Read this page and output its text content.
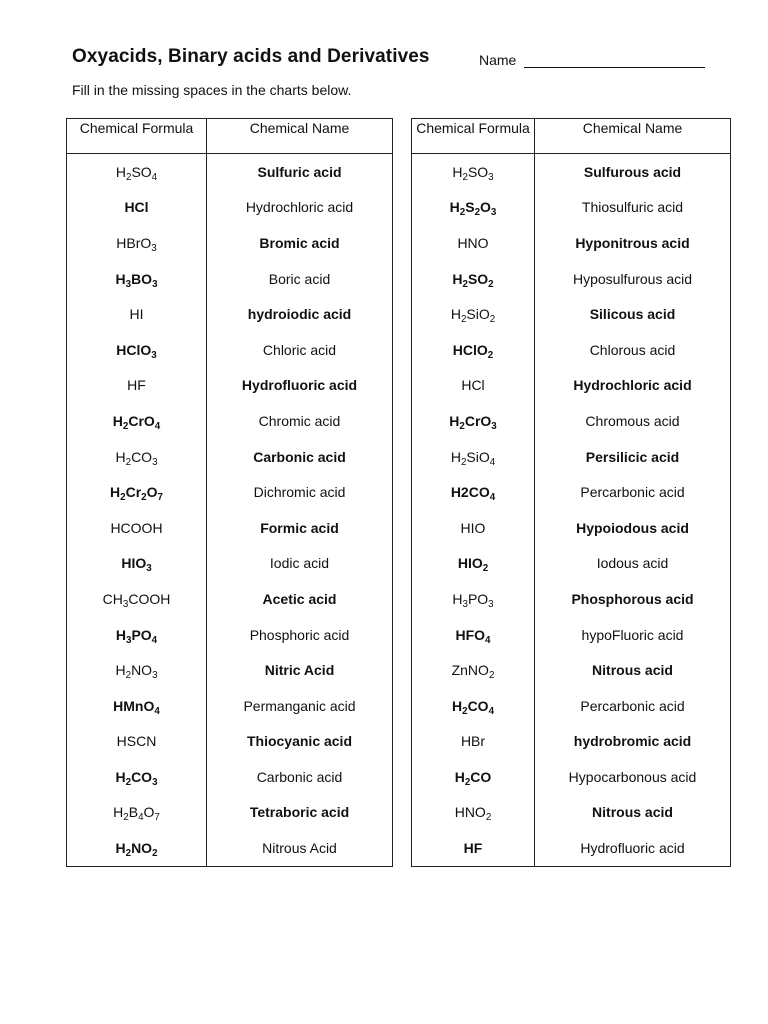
Oxyacids, Binary acids and Derivatives	Name
Fill in the missing spaces in the charts below.
Chemical Formula	Chemical Name
$H_2SO_4$	Sulfuric acid
HCl	Hydrochloric acid
HBrO$_3$	Bromic acid
$H_3BO_3$	Boric acid
HI	hydroiodic acid
HClO$_3$	Chloric acid
HF	Hydrofluoric acid
$H_2CrO_4$	Chromic acid
$H_2CO_3$	Carbonic acid
$H_2Cr_2O_7$	Dichromic acid
HCOOH	Formic acid
$HIO_3$	Iodic acid
$CH_3COOH$	Acetic acid
$H_3PO_4$	Phosphoric acid
$H_2NO_3$	Nitric Acid
HMnO$_4$	Permanganic acid
HSCN	Thiocyanic acid
$H_2CO_3$	Carbonic acid
$H_2B_4O_7$	Tetraboric acid
$H_2NO_2$	Nitrous Acid
Chemical Formula	Chemical Name
$H_2SO_3$	Sulfurous acid
$H_2S_2O_3$	Thiosulfuric acid
HNO	Hyponitrous acid
$H_2SO_2$	Hyposulfurous acid
$H_2SiO_2$	Silicous acid
HClO$_2$	Chlorous acid
HCl	Hydrochloric acid
$H_2CrO_3$	Chromous acid
$H_2SiO_4$	Persilicic acid
$H2CO_4$	Percarbonic acid
HIO	Hypoiodous acid
$HIO_2$	Iodous acid
$H_3PO_3$	Phosphorous acid
$HFO_4$	hypoFluoric acid
ZnNO$_2$	Nitrous acid
$H_2CO_4$	Percarbonic acid
HBr	hydrobromic acid
$H_2CO$	Hypocarbonous acid
$HNO_2$	Nitrous acid
HF	Hydrofluoric acid
